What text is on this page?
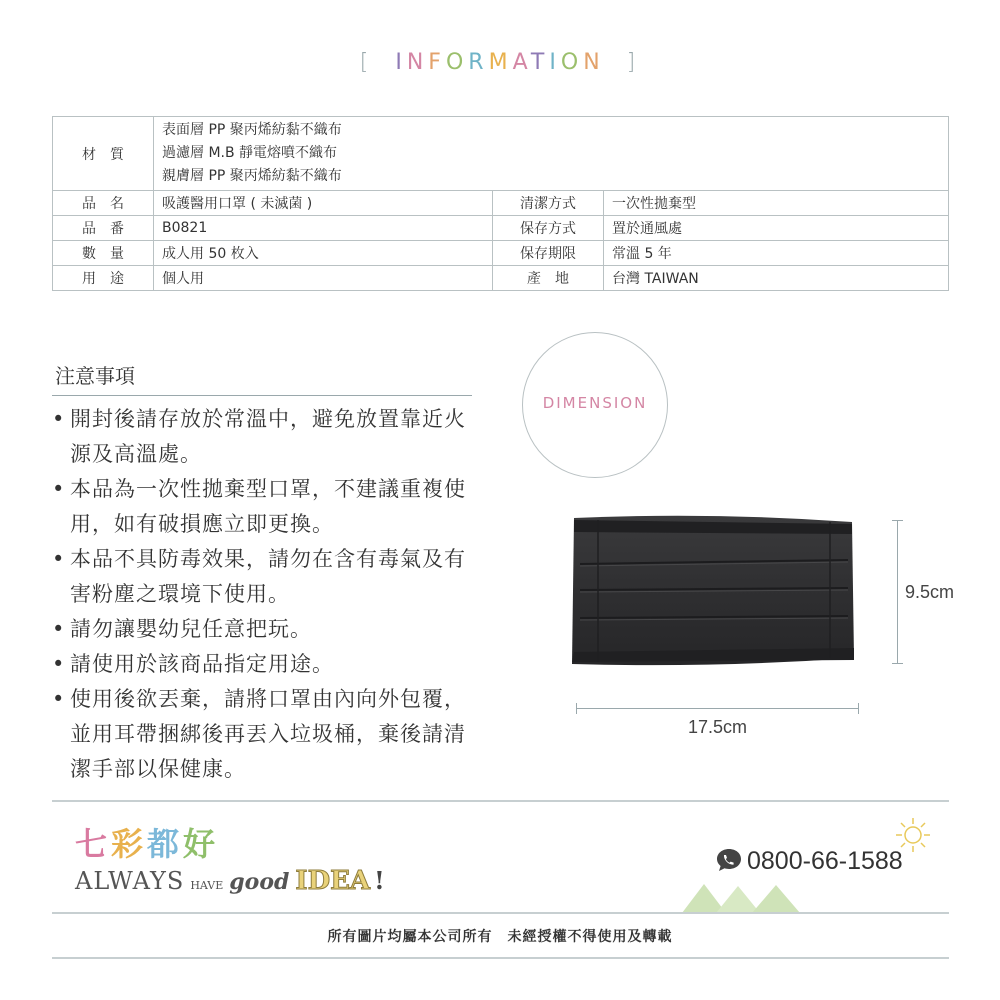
[ INFORMATION ]
材　質	表面層 PP 聚丙烯紡黏不織布
過濾層 M.B 靜電熔噴不織布
親膚層 PP 聚丙烯紡黏不織布		

品　名	吸護醫用口罩 ( 未滅菌 )	清潔方式	一次性拋棄型
品　番	B0821	保存方式	置於通風處
數　量	成人用 50 枚入	保存期限	常溫 5 年
用　途	個人用	產　地	台灣 TAIWAN
注意事項
• 開封後請存放於常溫中，避免放置靠近火源及高溫處。
• 本品為一次性拋棄型口罩，不建議重複使用，如有破損應立即更換。
• 本品不具防毒效果，請勿在含有毒氣及有害粉塵之環境下使用。
• 請勿讓嬰幼兒任意把玩。
• 請使用於該商品指定用途。
• 使用後欲丟棄，請將口罩由內向外包覆，並用耳帶捆綁後再丟入垃圾桶，棄後請清潔手部以保健康。
DIMENSION
9.5cm
17.5cm
七彩都好
ALWAYS HAVE good IDEA !
0800-66-1588
所有圖片均屬本公司所有　未經授權不得使用及轉載
